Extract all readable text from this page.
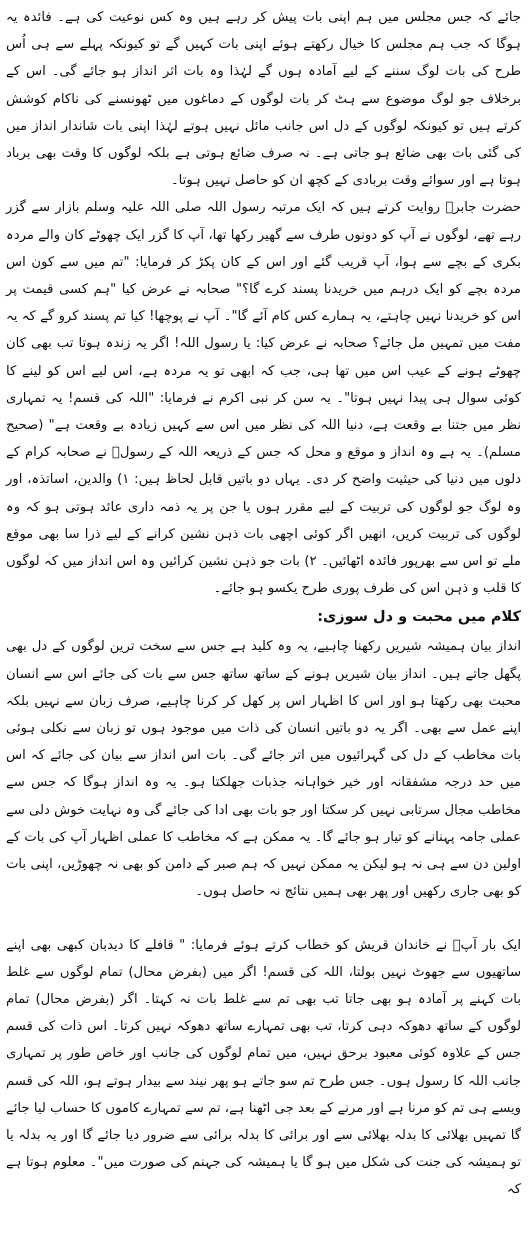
جائے کہ جس مجلس میں ہم اپنی بات پیش کر رہے ہیں وہ کس نوعیت کی ہے۔ فائدہ یہ ہوگا کہ جب ہم مجلس کا خیال رکھتے ہوئے اپنی بات کہیں گے تو کیونکہ پہلے سے ہی اُس طرح کی بات لوگ سننے کے لیے آمادہ ہوں گے لہٰذا وہ بات اثر انداز ہو جائے گی۔ اس کے برخلاف جو لوگ موضوع سے ہٹ کر بات لوگوں کے دماغوں میں ٹھونسنے کی ناکام کوشش کرتے ہیں تو کیونکہ لوگوں کے دل اس جانب مائل نہیں ہوتے لہٰذا اپنی بات شاندار انداز میں کی گئی بات بھی ضائع ہو جاتی ہے۔ نہ صرف ضائع ہوتی ہے بلکہ لوگوں کا وقت بھی برباد ہوتا ہے اور سوائے وقت بربادی کے کچھ ان کو حاصل نہیں ہوتا۔

حضرت جابرؓ روایت کرتے ہیں کہ ایک مرتبہ رسول اللہ صلی اللہ علیہ وسلم بازار سے گزر رہے تھے، لوگوں نے آپ کو دونوں طرف سے گھیر رکھا تھا، آپ کا گزر ایک چھوٹے کان والے مردہ بکری کے بچے سے ہوا، آپ قریب گئے اور اس کے کان پکڑ کر فرمایا: "تم میں سے کون اس مردہ بچے کو ایک درہم میں خریدنا پسند کرے گا؟" صحابہ نے عرض کیا "ہم کسی قیمت پر اس کو خریدنا نہیں چاہتے، یہ ہمارے کس کام آئے گا"۔ آپ نے پوچھا! کیا تم پسند کرو گے کہ یہ مفت میں تمہیں مل جائے؟ صحابہ نے عرض کیا: یا رسول اللہ! اگر یہ زندہ ہوتا تب بھی کان چھوٹے ہونے کے عیب اس میں تھا ہی، جب کہ ابھی تو یہ مردہ ہے، اس لیے اس کو لینے کا کوئی سوال ہی پیدا نہیں ہوتا"۔ یہ سن کر نبی اکرم نے فرمایا: "اللہ کی قسم! یہ تمہاری نظر میں جتنا بے وقعت ہے، دنیا اللہ کی نظر میں اس سے کہیں زیادہ بے وقعت ہے" (صحیح مسلم)۔ یہ ہے وہ انداز و موقع و محل کہ جس کے ذریعہ اللہ کے رسولؐ نے صحابہ کرام کے دلوں میں دنیا کی حیثیت واضح کر دی۔ یہاں دو باتیں قابل لحاظ ہیں: ۱) والدین، اساتذہ، اور وہ لوگ جو لوگوں کی تربیت کے لیے مقرر ہوں یا جن پر یہ ذمہ داری عائد ہوتی ہو کہ وہ لوگوں کی تربیت کریں، انھیں اگر کوئی اچھی بات ذہن نشین کرانے کے لیے ذرا سا بھی موقع ملے تو اس سے بھرپور فائدہ اٹھائیں۔ ۲) بات جو ذہن نشین کرائیں وہ اس انداز میں کہ لوگوں کا قلب و ذہن اس کی طرف پوری طرح یکسو ہو جائے۔

کلام میں محبت و دل سوزی:

انداز بیان ہمیشہ شیریں رکھنا چاہیے، یہ وہ کلید ہے جس سے سخت ترین لوگوں کے دل بھی پگھل جاتے ہیں۔ انداز بیان شیریں ہونے کے ساتھ ساتھ جس سے بات کی جائے اس سے انسان محبت بھی رکھتا ہو اور اس کا اظہار اس پر کھل کر کرنا چاہیے، صرف زبان سے نہیں بلکہ اپنے عمل سے بھی۔ اگر یہ دو باتیں انسان کی ذات میں موجود ہوں تو زبان سے نکلی ہوئی بات مخاطب کے دل کی گہرائیوں میں اتر جائے گی۔ بات اس انداز سے بیان کی جائے کہ اس میں حد درجہ مشفقانہ اور خیر خواہانہ جذبات جھلکتا ہو۔ یہ وہ انداز ہوگا کہ جس سے مخاطب مجال سرتابی نہیں کر سکتا اور جو بات بھی ادا کی جائے گی وہ نہایت خوش دلی سے عملی جامہ پہنانے کو تیار ہو جائے گا۔ یہ ممکن ہے کہ مخاطب کا عملی اظہار آپ کی بات کے اولین دن سے ہی نہ ہو لیکن یہ ممکن نہیں کہ ہم صبر کے دامن کو بھی نہ چھوڑیں، اپنی بات کو بھی جاری رکھیں اور پھر بھی ہمیں نتائج نہ حاصل ہوں۔

ایک بار آپؐ نے خاندان قریش کو خطاب کرتے ہوئے فرمایا: " قافلے کا دیدبان کبھی بھی اپنے ساتھیوں سے جھوٹ نہیں بولتا، اللہ کی قسم! اگر میں (بفرض محال) تمام لوگوں سے غلط بات کہنے پر آمادہ ہو بھی جاتا تب بھی تم سے غلط بات نہ کہتا۔ اگر (بفرض محال) تمام لوگوں کے ساتھ دھوکہ دہی کرتا، تب بھی تمہارے ساتھ دھوکہ نہیں کرتا۔ اس ذات کی قسم جس کے علاوہ کوئی معبود برحق نہیں، میں تمام لوگوں کی جانب اور خاص طور پر تمہاری جانب اللہ کا رسول ہوں۔ جس طرح تم سو جاتے ہو پھر نیند سے بیدار ہوتے ہو، اللہ کی قسم ویسے ہی تم کو مرنا ہے اور مرنے کے بعد جی اٹھنا ہے، تم سے تمہارے کاموں کا حساب لیا جائے گا تمہیں بھلائی کا بدلہ بھلائی سے اور برائی کا بدلہ برائی سے ضرور دیا جائے گا اور یہ بدلہ یا تو ہمیشہ کی جنت کی شکل میں ہو گا یا ہمیشہ کی جہنم کی صورت میں"۔ معلوم ہوتا ہے کہ
